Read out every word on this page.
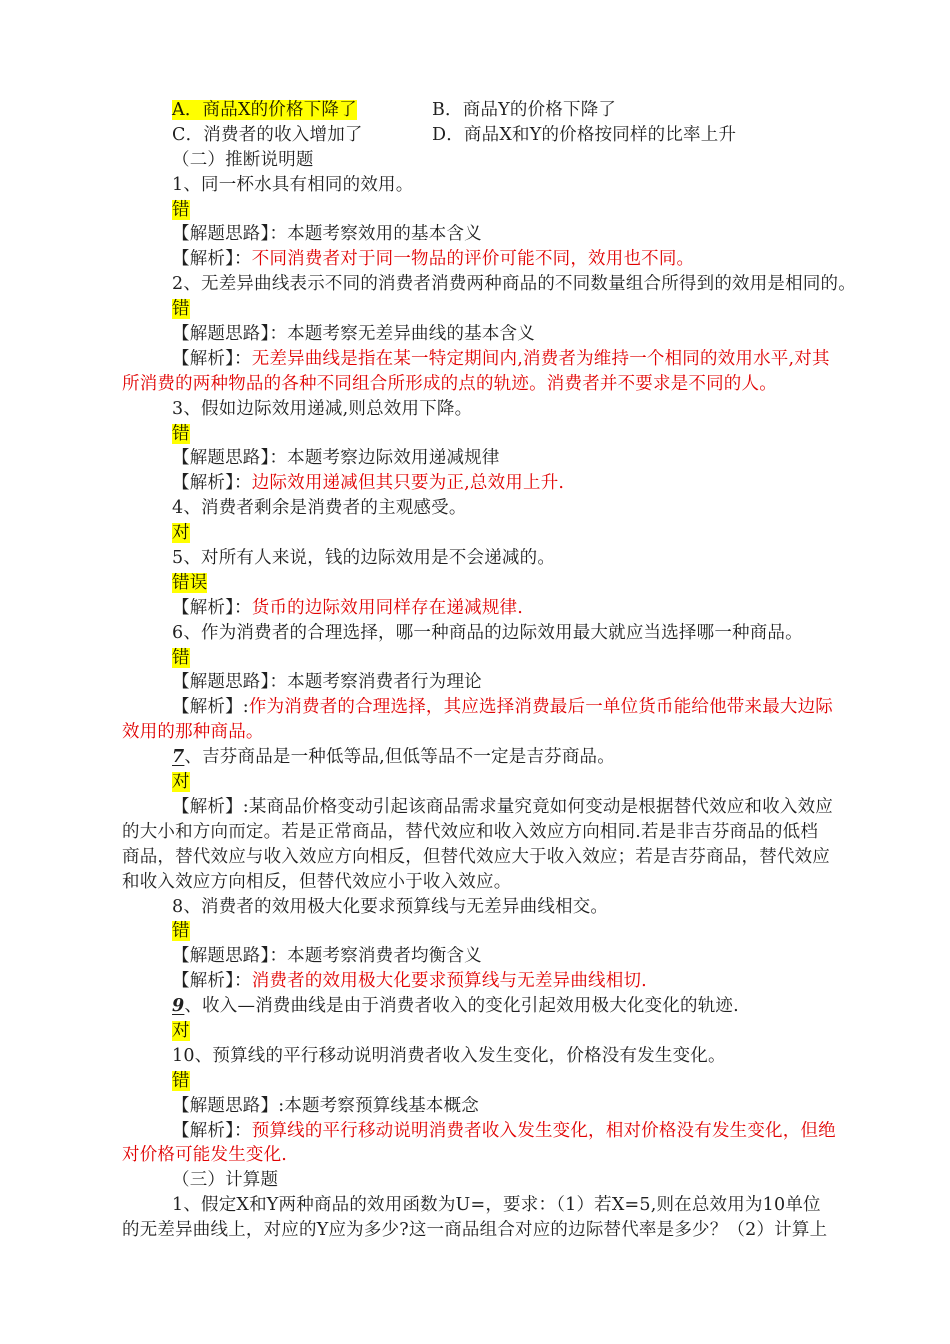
A．商品X的价格下降了	B．商品Y的价格下降了
C．消费者的收入增加了	D．商品X和Y的价格按同样的比率上升
（二）推断说明题
1、同一杯水具有相同的效用。
错
【解题思路】：本题考察效用的基本含义
【解析】：不同消费者对于同一物品的评价可能不同，效用也不同。
2、无差异曲线表示不同的消费者消费两种商品的不同数量组合所得到的效用是相同的。
错
【解题思路】：本题考察无差异曲线的基本含义
【解析】：无差异曲线是指在某一特定期间内,消费者为维持一个相同的效用水平,对其
所消费的两种物品的各种不同组合所形成的点的轨迹。消费者并不要求是不同的人。
3、假如边际效用递减,则总效用下降。
错
【解题思路】：本题考察边际效用递减规律
【解析】：边际效用递减但其只要为正,总效用上升.
4、消费者剩余是消费者的主观感受。
对
5、对所有人来说，钱的边际效用是不会递减的。
错误
【解析】：货币的边际效用同样存在递减规律.
6、作为消费者的合理选择，哪一种商品的边际效用最大就应当选择哪一种商品。
错
【解题思路】：本题考察消费者行为理论
【解析】:作为消费者的合理选择，其应选择消费最后一单位货币能给他带来最大边际
效用的那种商品。
7、吉芬商品是一种低等品,但低等品不一定是吉芬商品。
对
【解析】:某商品价格变动引起该商品需求量究竟如何变动是根据替代效应和收入效应
的大小和方向而定。若是正常商品，替代效应和收入效应方向相同.若是非吉芬商品的低档
商品，替代效应与收入效应方向相反，但替代效应大于收入效应；若是吉芬商品，替代效应
和收入效应方向相反，但替代效应小于收入效应。
8、消费者的效用极大化要求预算线与无差异曲线相交。
错
【解题思路】：本题考察消费者均衡含义
【解析】：消费者的效用极大化要求预算线与无差异曲线相切.
9、收入—消费曲线是由于消费者收入的变化引起效用极大化变化的轨迹.
对
10、预算线的平行移动说明消费者收入发生变化，价格没有发生变化。
错
【解题思路】:本题考察预算线基本概念
【解析】：预算线的平行移动说明消费者收入发生变化，相对价格没有发生变化，但绝
对价格可能发生变化.
（三）计算题
1、假定X和Y两种商品的效用函数为U=，要求：（1）若X=5,则在总效用为10单位
的无差异曲线上，对应的Y应为多少?这一商品组合对应的边际替代率是多少？（2）计算上
